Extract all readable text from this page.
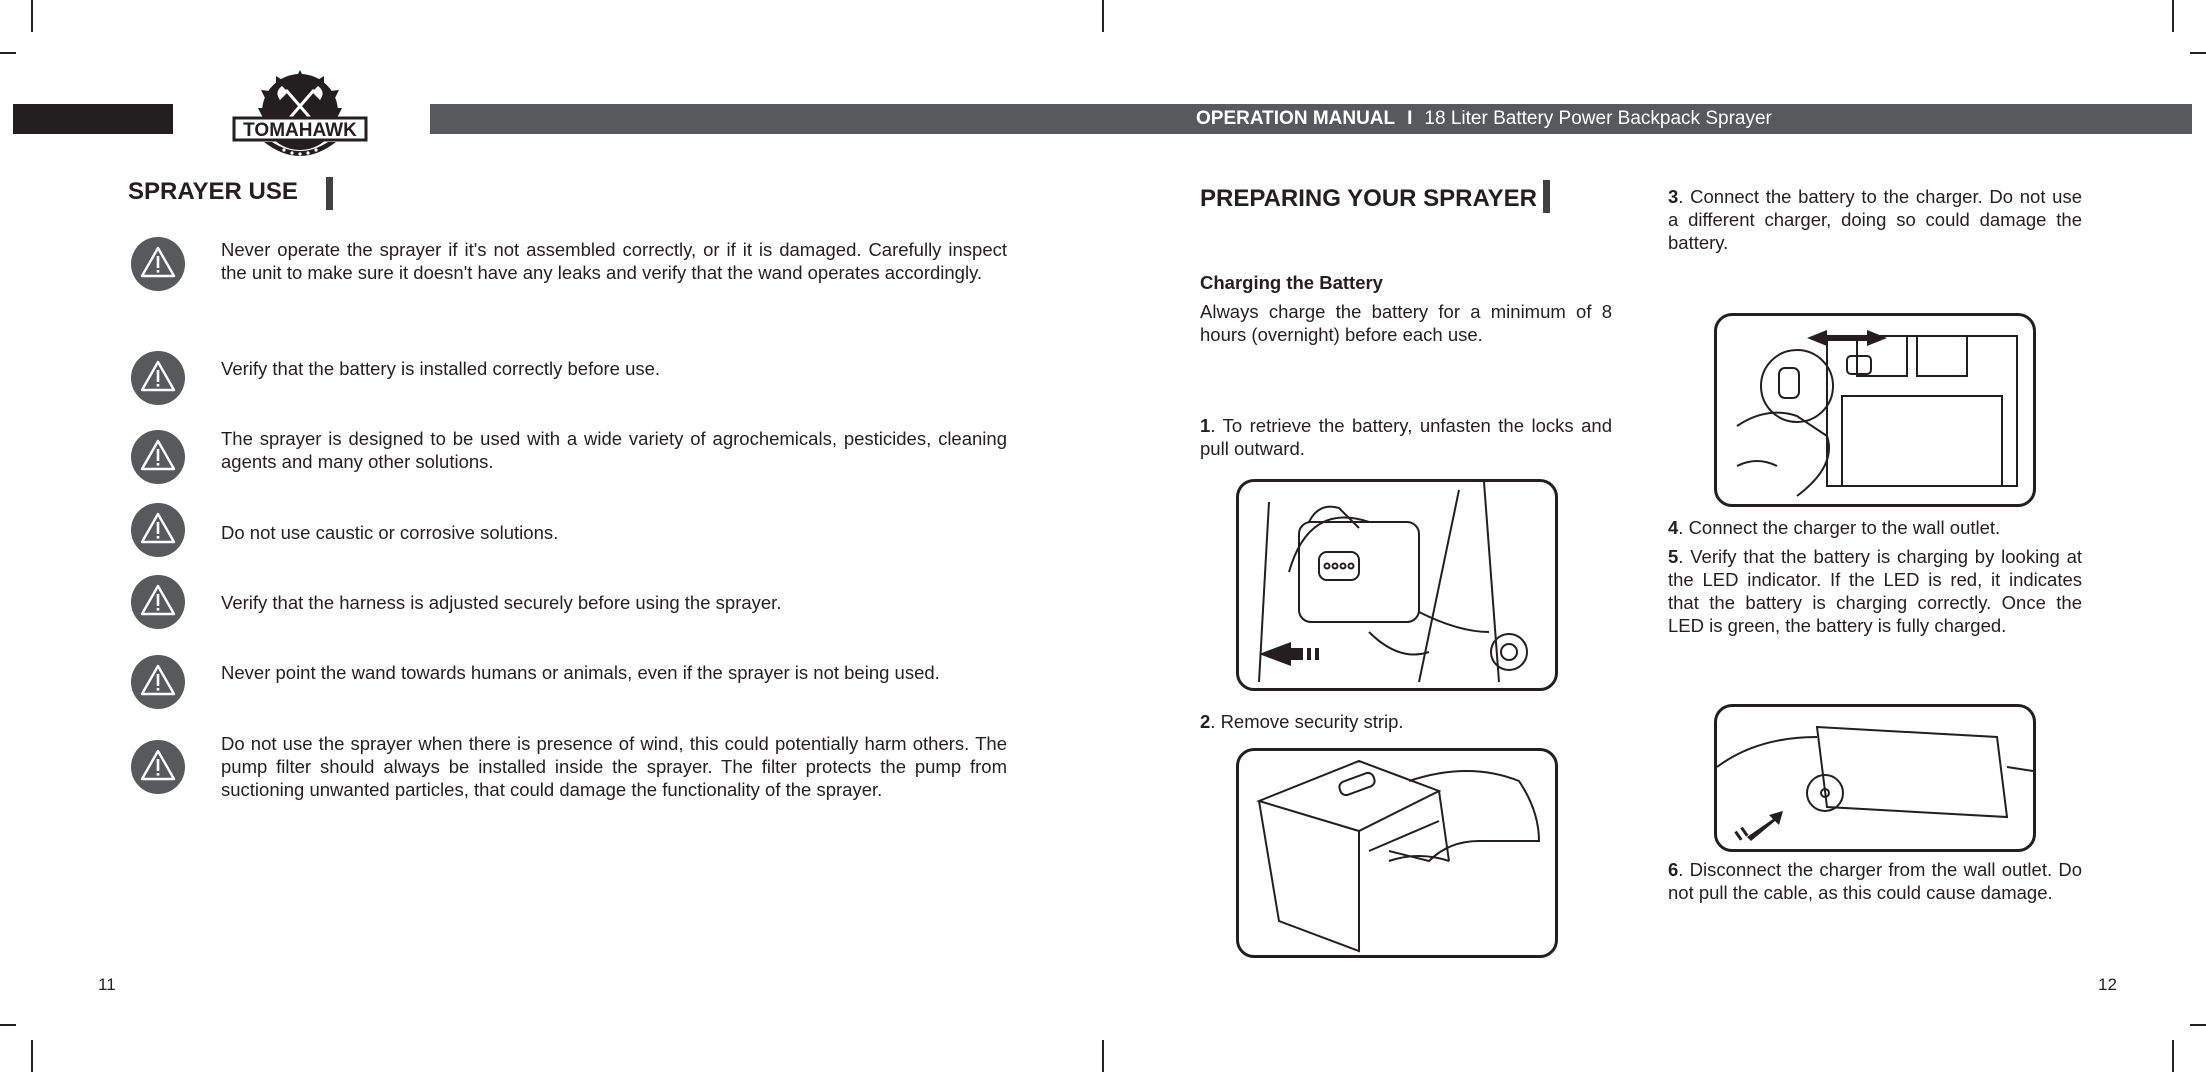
OPERATION MANUAL I 18 Liter Battery Power Backpack Sprayer
TOMAHAWK
SPRAYER USE
Never operate the sprayer if it's not assembled correctly, or if it is damaged. Carefully inspect the unit to make sure it doesn't have any leaks and verify that the wand operates accordingly.
Verify that the battery is installed correctly before use.
The sprayer is designed to be used with a wide variety of agrochemicals, pesticides, cleaning agents and many other solutions.
Do not use caustic or corrosive solutions.
Verify that the harness is adjusted securely before using the sprayer.
Never point the wand towards humans or animals, even if the sprayer is not being used.
Do not use the sprayer when there is presence of wind, this could potentially harm others. The pump filter should always be installed inside the sprayer. The filter protects the pump from suctioning unwanted particles, that could damage the functionality of the sprayer.
11
PREPARING YOUR SPRAYER
Charging the Battery
Always charge the battery for a minimum of 8 hours (overnight) before each use.
1. To retrieve the battery, unfasten the locks and pull outward.
2. Remove security strip.
3. Connect the battery to the charger. Do not use a different charger, doing so could damage the battery.
4. Connect the charger to the wall outlet.
5. Verify that the battery is charging by looking at the LED indicator. If the LED is red, it indicates that the battery is charging correctly. Once the LED is green, the battery is fully charged.
6. Disconnect the charger from the wall outlet. Do not pull the cable, as this could cause damage.
12
